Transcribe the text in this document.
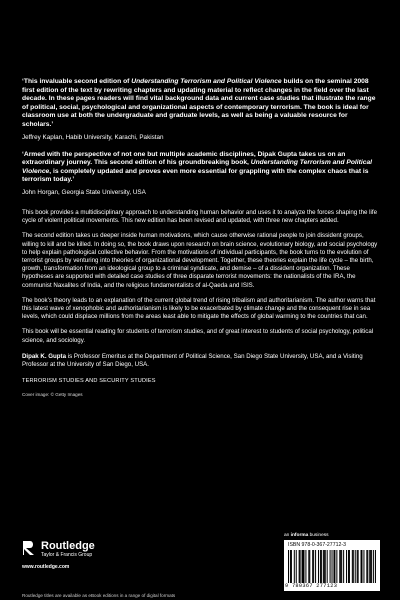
‘This invaluable second edition of Understanding Terrorism and Political Violence builds on the seminal 2008 first edition of the text by rewriting chapters and updating material to reflect changes in the field over the last decade. In these pages readers will find vital background data and current case studies that illustrate the range of political, social, psychological and organizational aspects of contemporary terrorism. The book is ideal for classroom use at both the undergraduate and graduate levels, as well as being a valuable resource for scholars.’

Jeffrey Kaplan, Habib University, Karachi, Pakistan

‘Armed with the perspective of not one but multiple academic disciplines, Dipak Gupta takes us on an extraordinary journey. This second edition of his groundbreaking book, Understanding Terrorism and Political Violence, is completely updated and proves even more essential for grappling with the complex chaos that is terrorism today.’

John Horgan, Georgia State University, USA

This book provides a multidisciplinary approach to understanding human behavior and uses it to analyze the forces shaping the life cycle of violent political movements. This new edition has been revised and updated, with three new chapters added.

The second edition takes us deeper inside human motivations, which cause otherwise rational people to join dissident groups, willing to kill and be killed. In doing so, the book draws upon research on brain science, evolutionary biology, and social psychology to help explain pathological collective behavior. From the motivations of individual participants, the book turns to the evolution of terrorist groups by venturing into theories of organizational development. Together, these theories explain the life cycle – the birth, growth, transformation from an ideological group to a criminal syndicate, and demise – of a dissident organization. These hypotheses are supported with detailed case studies of three disparate terrorist movements: the nationalists of the IRA, the communist Naxalites of India, and the religious fundamentalists of al-Qaeda and ISIS.

The book’s theory leads to an explanation of the current global trend of rising tribalism and authoritarianism. The author warns that this latest wave of xenophobic and authoritarianism is likely to be exacerbated by climate change and the consequent rise in sea levels, which could displace millions from the areas least able to mitigate the effects of global warming to the countries that can.

This book will be essential reading for students of terrorism studies, and of great interest to students of social psychology, political science, and sociology.

Dipak K. Gupta is Professor Emeritus at the Department of Political Science, San Diego State University, USA, and a Visiting Professor at the University of San Diego, USA.

TERRORISM STUDIES AND SECURITY STUDIES

Cover image: © Getty Images

Routledge
Taylor & Francis Group
www.routledge.com
Routledge titles are available as eBook editions in a range of digital formats
an informa business
ISBN 978-0-367-27712-3
9 780367 277123
